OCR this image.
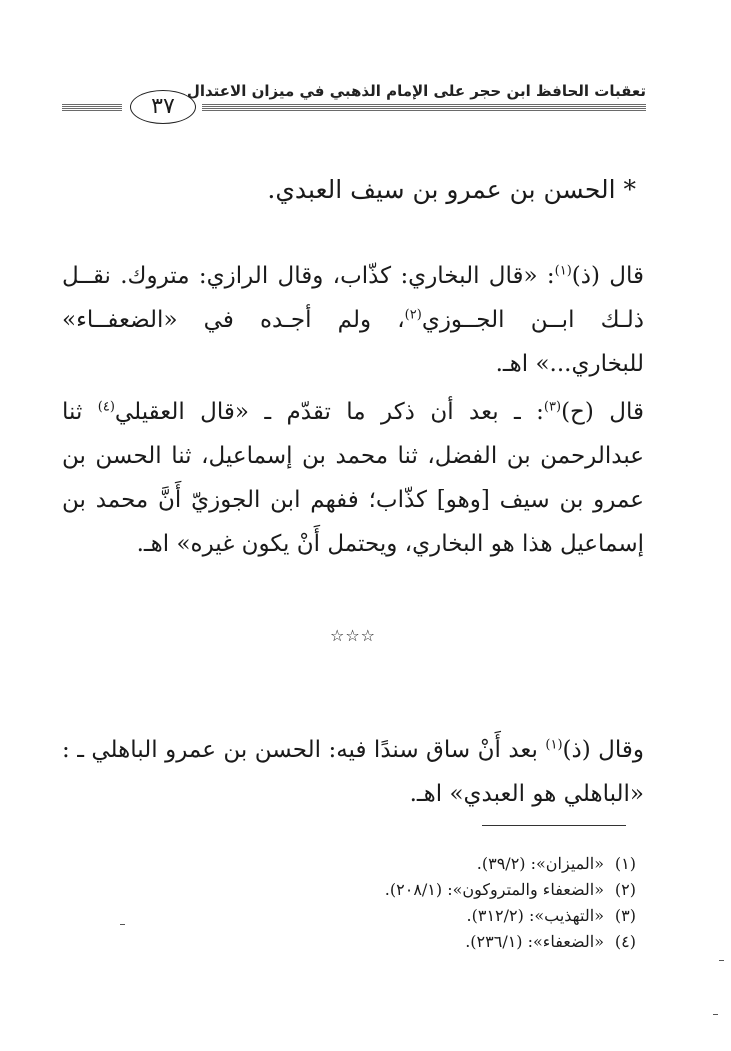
تعقبات الحافظ ابن حجر على الإمام الذهبي في ميزان الاعتدال
٣٧
* الحسن بن عمرو بن سيف العبدي.
قال (ذ)$^{(١)}$: «قال البخاري: كذّاب، وقال الرازي: متروك. نقــل ذلـك ابــن الجــوزي$^{(٢)}$، ولم أجـده في «الضعفــاء» للبخاري...» اهـ.
قال (ح)$^{(٣)}$: ـ بعد أن ذكر ما تقدّم ـ «قال العقيلي$^{(٤)}$ ثنا عبدالرحمن بن الفضل، ثنا محمد بن إسماعيل، ثنا الحسن بن عمرو بن سيف [وهو] كذّاب؛ ففهم ابن الجوزيّ أَنَّ محمد بن إسماعيل هذا هو البخاري، ويحتمل أَنْ يكون غيره» اهـ.
☆☆☆
وقال (ذ)$^{(١)}$ بعد أَنْ ساق سندًا فيه: الحسن بن عمرو الباهلي ـ : «الباهلي هو العبدي» اهـ.
(١)«الميزان»: (٣٩/٢).
(٢)«الضعفاء والمتروكون»: (٢٠٨/١).
(٣)«التهذيب»: (٣١٢/٢).
(٤)«الضعفاء»: (٢٣٦/١).
